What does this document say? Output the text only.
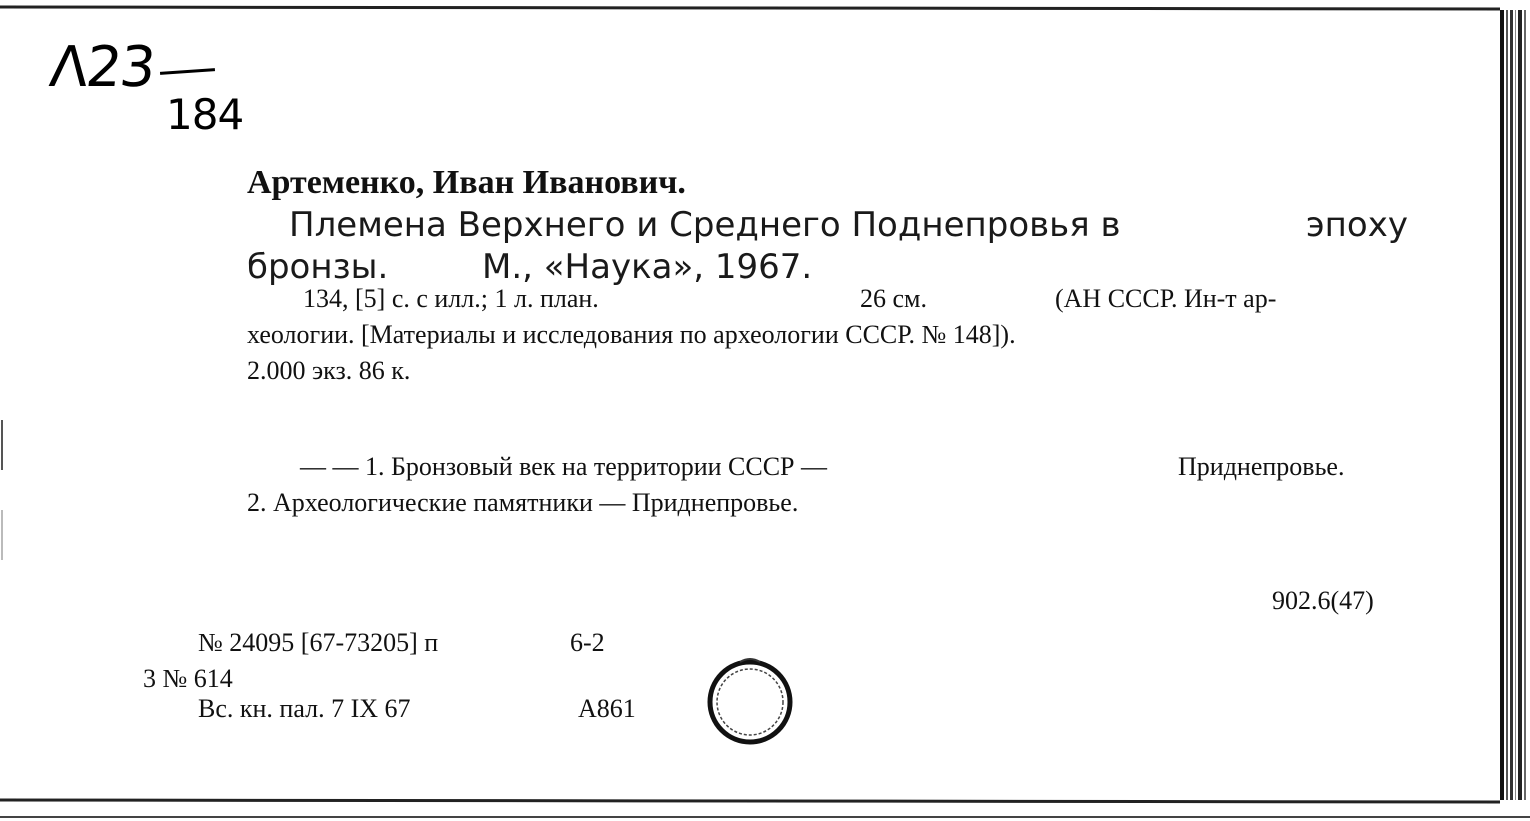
Λ23
184
Артеменко, Иван Иванович.
Племена Верхнего и Среднего Поднепровья в	эпоху
бронзы.	М., «Наука», 1967.
134, [5] с. с илл.; 1 л. план.	26 см.	(АН СССР. Ин-т ар-
хеологии. [Материалы и исследования по археологии СССР. № 148]).
2.000 экз. 86 к.
— — 1. Бронзовый век на территории СССР —	Приднепровье.
2. Археологические памятники — Приднепровье.
902.6(47)
№ 24095 [67-73205] п	6-2
3 № 614
Вс. кн. пал. 7 IX 67	А861
